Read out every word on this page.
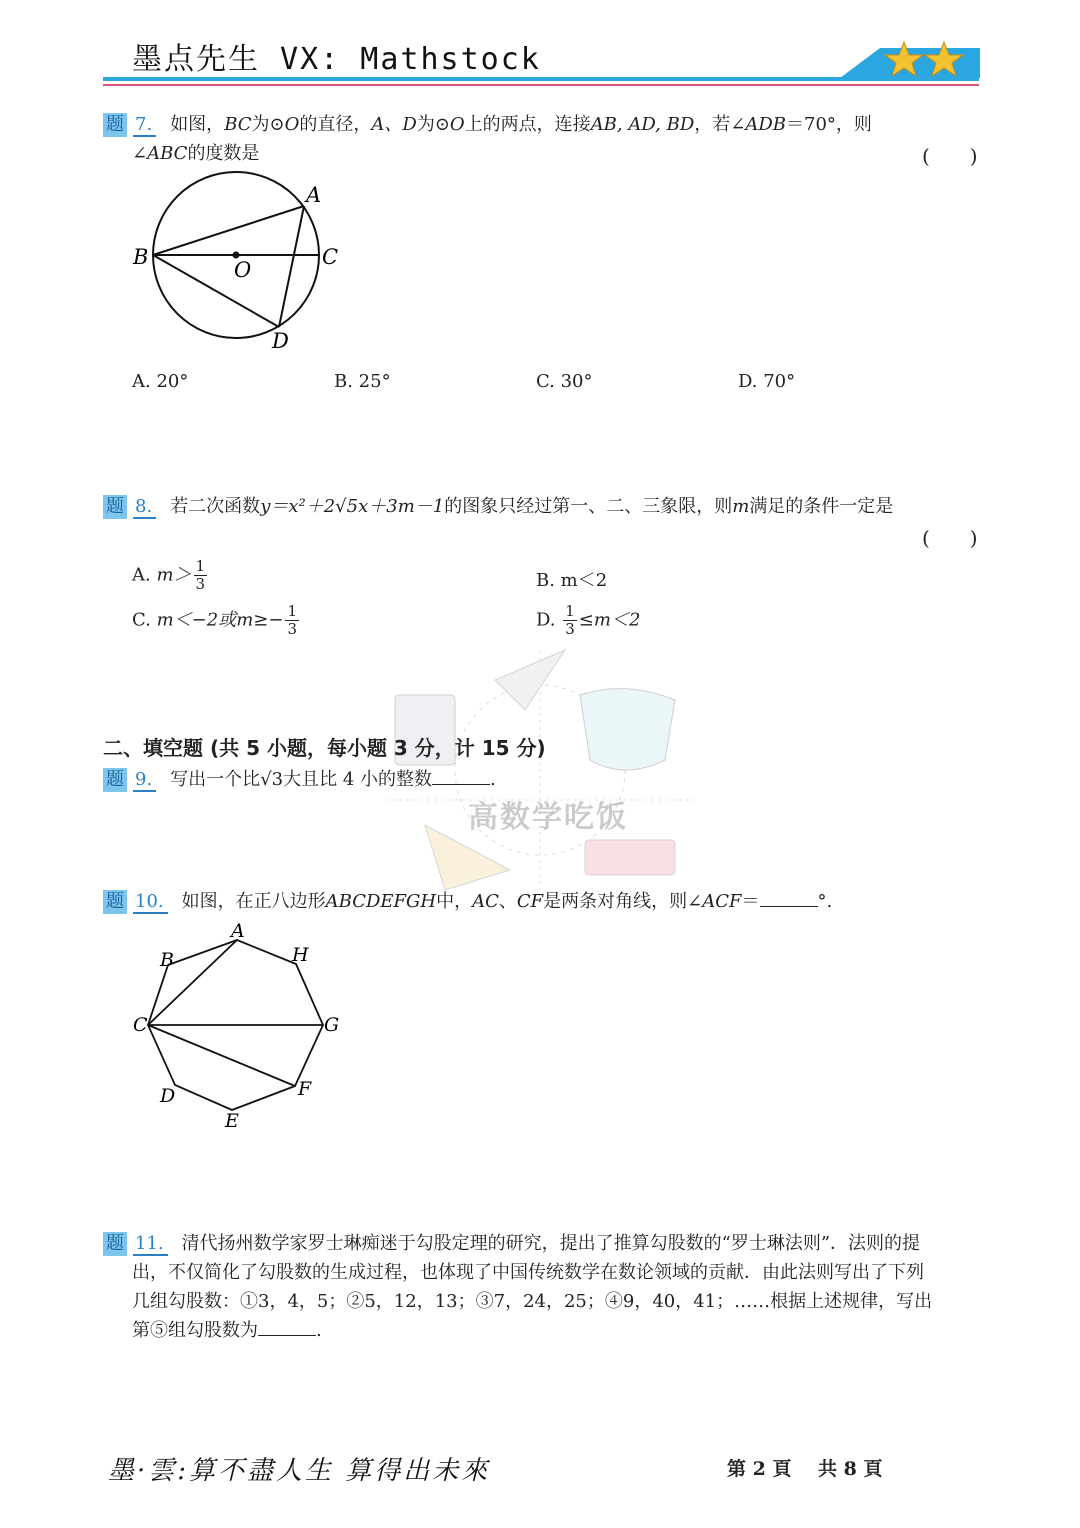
墨点先生 VX: Mathstock
高数学吃饭
题 7. 如图，BC为⊙O的直径，A、D为⊙O上的两点，连接AB, AD, BD，若∠ADB＝70°，则
∠ABC的度数是	(　　)
A
B	C
O
D
A. 20°	B. 25°	C. 30°	D. 70°
题 8. 若二次函数y＝x²＋2√5x＋3m－1的图象只经过第一、二、三象限，则m满足的条件一定是
(　　)
A. $m> \frac{1}{3}$	B. m＜2
C. m＜−2或$m\ge- \frac{1}{3}$	D. $\frac{1}{3} \le m<2$
二、填空题 (共 5 小题，每小题 3 分，计 15 分)
题 9. 写出一个比√3大且比 4 小的整数	.
题 10. 如图，在正八边形ABCDEFGH中，AC、CF是两条对角线，则∠ACF＝	°.
A
B
C
D
E
F
G
H
题 11. 清代扬州数学家罗士琳痴迷于勾股定理的研究，提出了推算勾股数的“罗士琳法则”．法则的提
出，不仅简化了勾股数的生成过程，也体现了中国传统数学在数论领域的贡献．由此法则写出了下列
几组勾股数：①3，4，5；②5，12，13；③7，24，25；④9，40，41；……根据上述规律，写出
第⑤组勾股数为	.
墨·雲:算不盡人生 算得出未來	第 2 頁 共 8 頁
